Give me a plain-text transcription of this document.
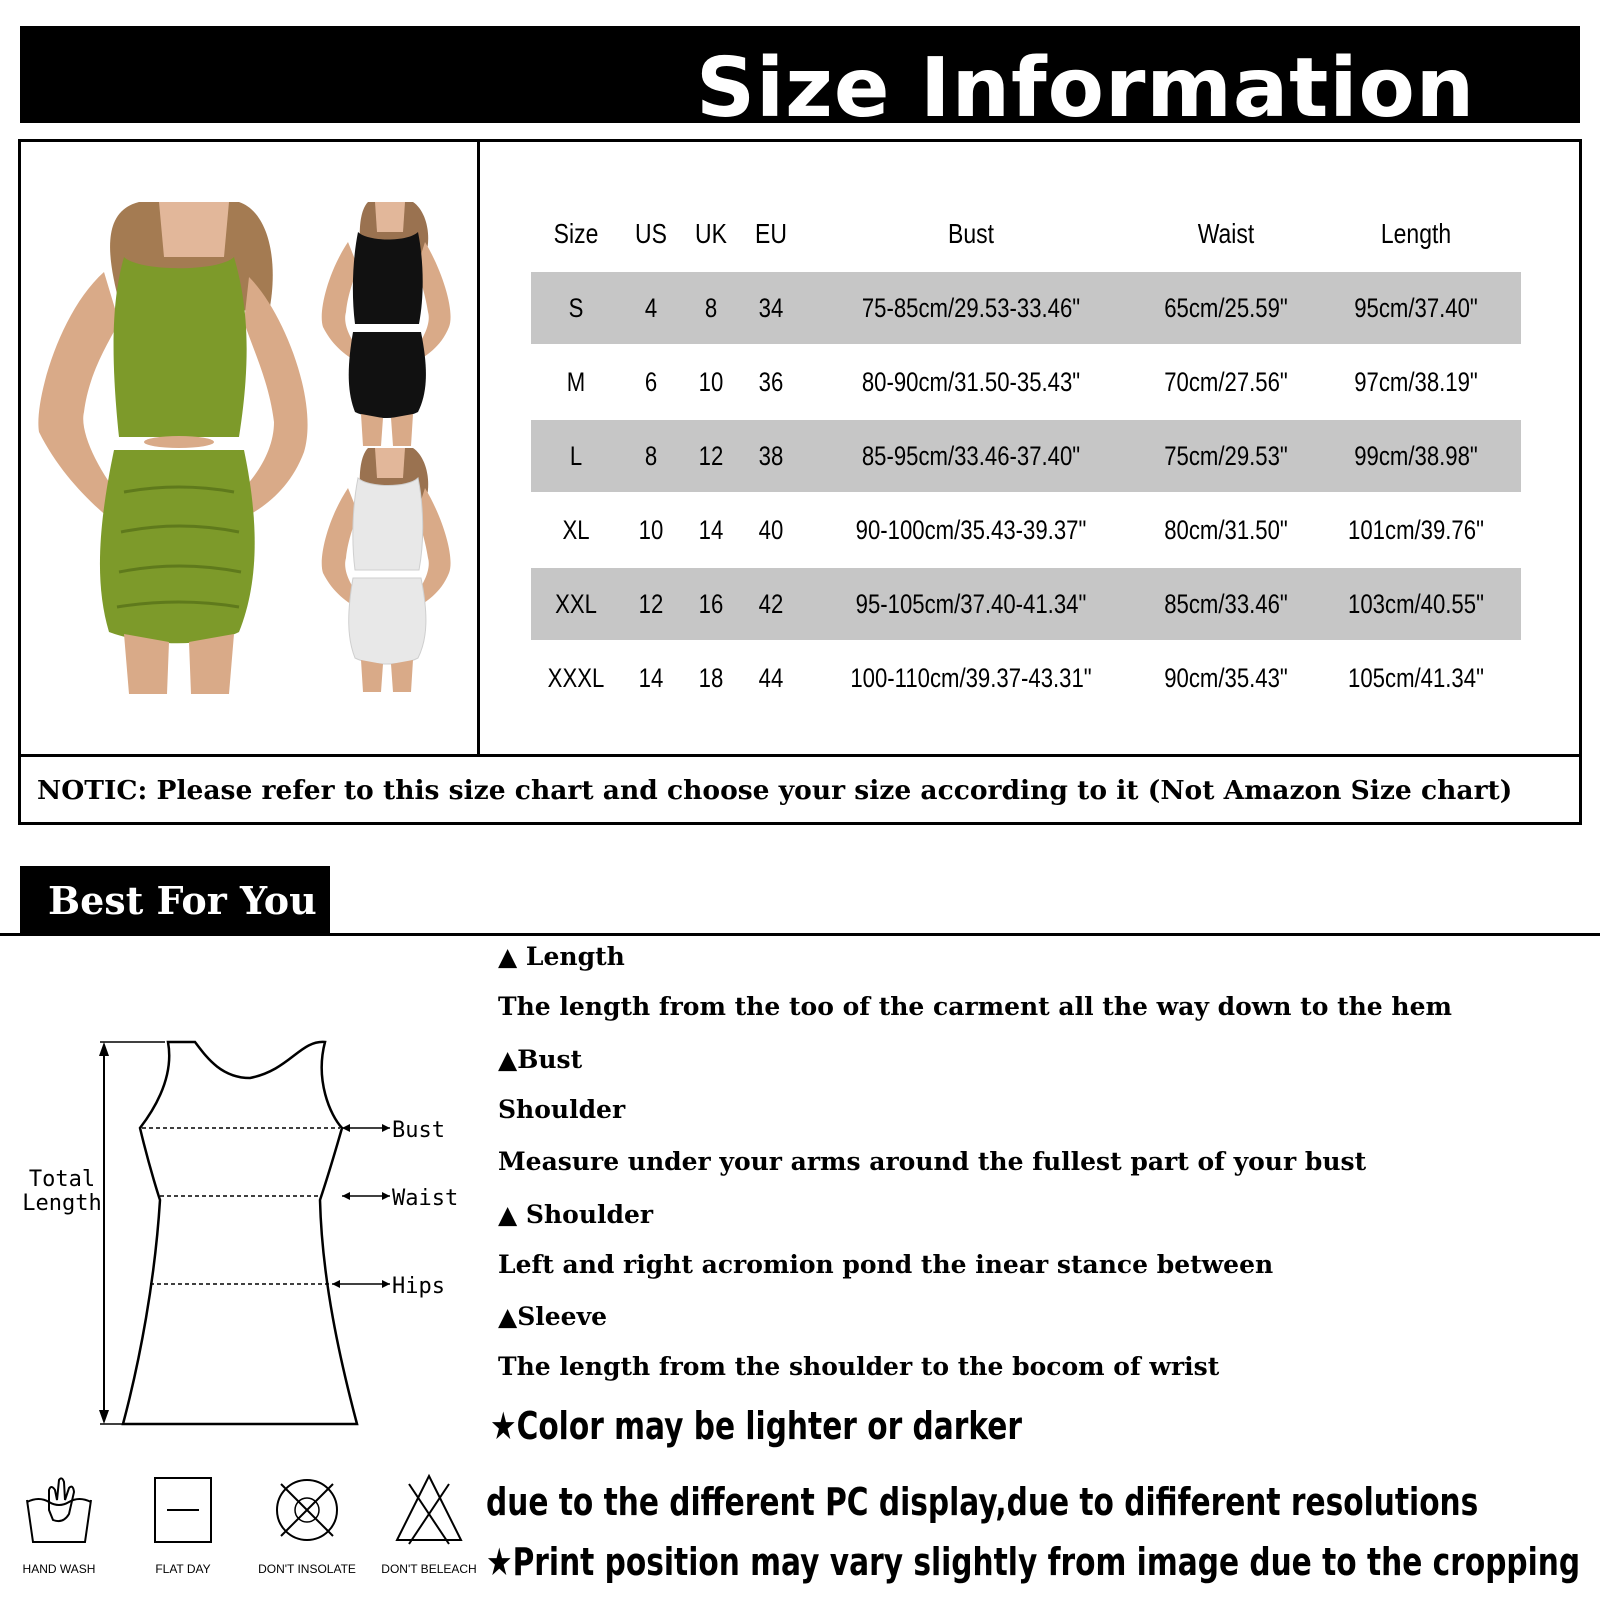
Size Information
Size	US	UK	EU	Bust	Waist	Length
S	4	8	34	75-85cm/29.53-33.46"	65cm/25.59"	95cm/37.40"
M	6	10	36	80-90cm/31.50-35.43"	70cm/27.56"	97cm/38.19"
L	8	12	38	85-95cm/33.46-37.40"	75cm/29.53"	99cm/38.98"
XL	10	14	40	90-100cm/35.43-39.37"	80cm/31.50"	101cm/39.76"
XXL	12	16	42	95-105cm/37.40-41.34"	85cm/33.46"	103cm/40.55"
XXXL	14	18	44	100-110cm/39.37-43.31"	90cm/35.43"	105cm/41.34"
NOTIC: Please refer to this size chart and choose your size according to it (Not Amazon Size chart)
Best For You
Total
Length
Bust
Waist
Hips
HAND WASH	FLAT DAY	DON'T INSOLATE	DON'T BELEACH
▲ Length
The length from the too of the carment all the way down to the hem
▲Bust
Shoulder
Measure under your arms around the fullest part of your bust
▲ Shoulder
Left and right acromion pond the inear stance between
▲Sleeve
The length from the shoulder to the bocom of wrist
★Color may be lighter or darker
due to the different PC display,due to dififerent resolutions
★Print position may vary slightly from image due to the cropping
